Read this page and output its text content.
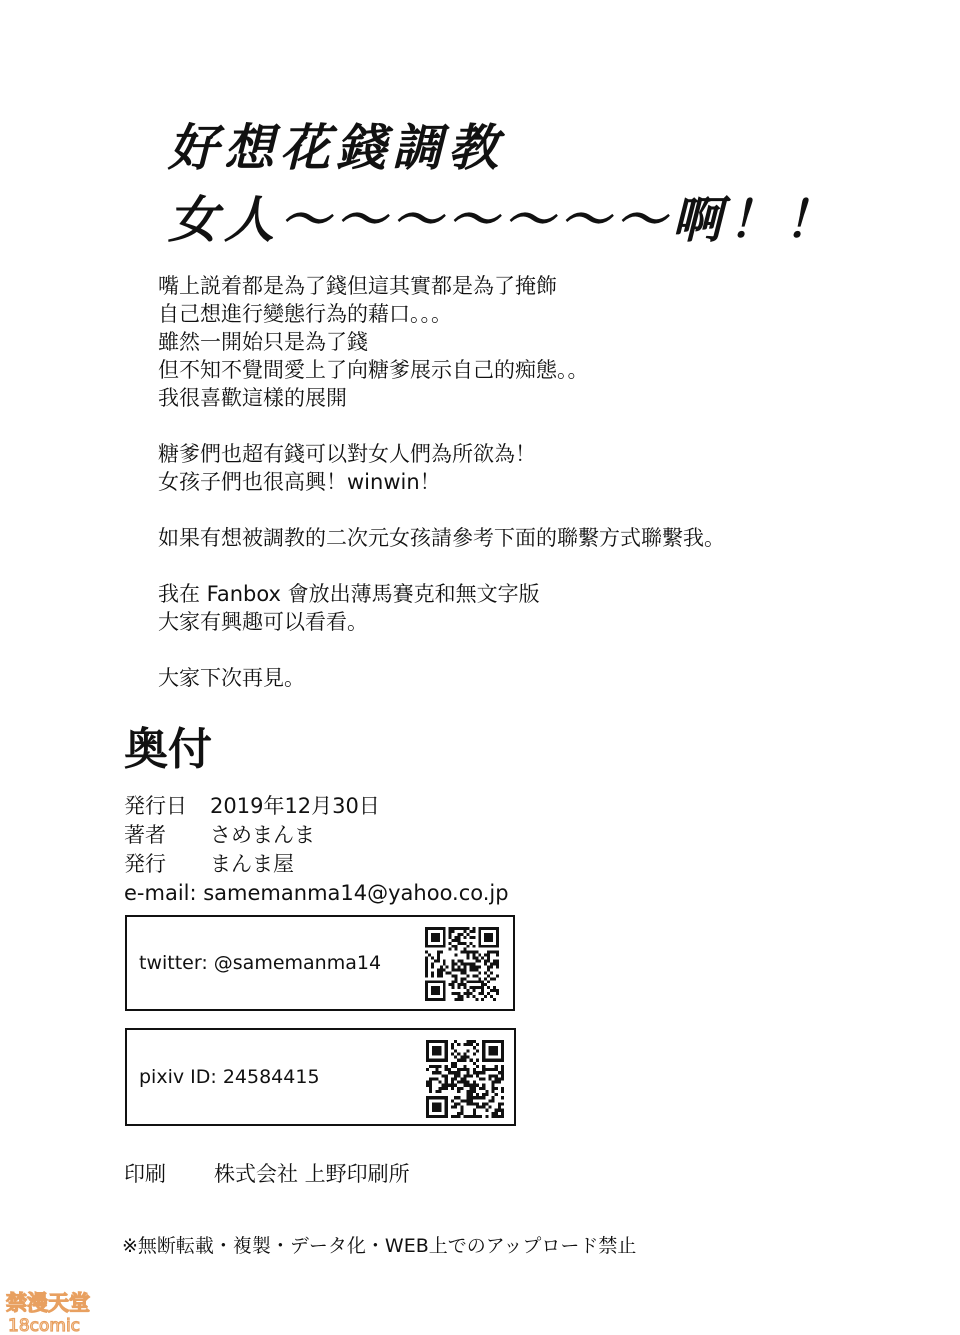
好想花錢調教
女人～～～～～～～啊！！
嘴上説着都是為了錢但這其實都是為了掩飾
自己想進行變態行為的藉口。。。
雖然一開始只是為了錢
但不知不覺間愛上了向糖爹展示自己的痴態。。
我很喜歡這樣的展開
糖爹們也超有錢可以對女人們為所欲為！
女孩子們也很高興！winwin！
如果有想被調教的二次元女孩請參考下面的聯繫方式聯繫我。
我在 Fanbox 會放出薄馬賽克和無文字版
大家有興趣可以看看。
大家下次再見。
奥付
発行日 2019年12月30日
著者 さめまんま
発行 まんま屋
e-mail: samemanma14@yahoo.co.jp
twitter: @samemanma14
pixiv ID: 24584415
印刷 株式会社 上野印刷所
※無断転載・複製・データ化・WEB上でのアップロード禁止
禁漫天堂
18comic
